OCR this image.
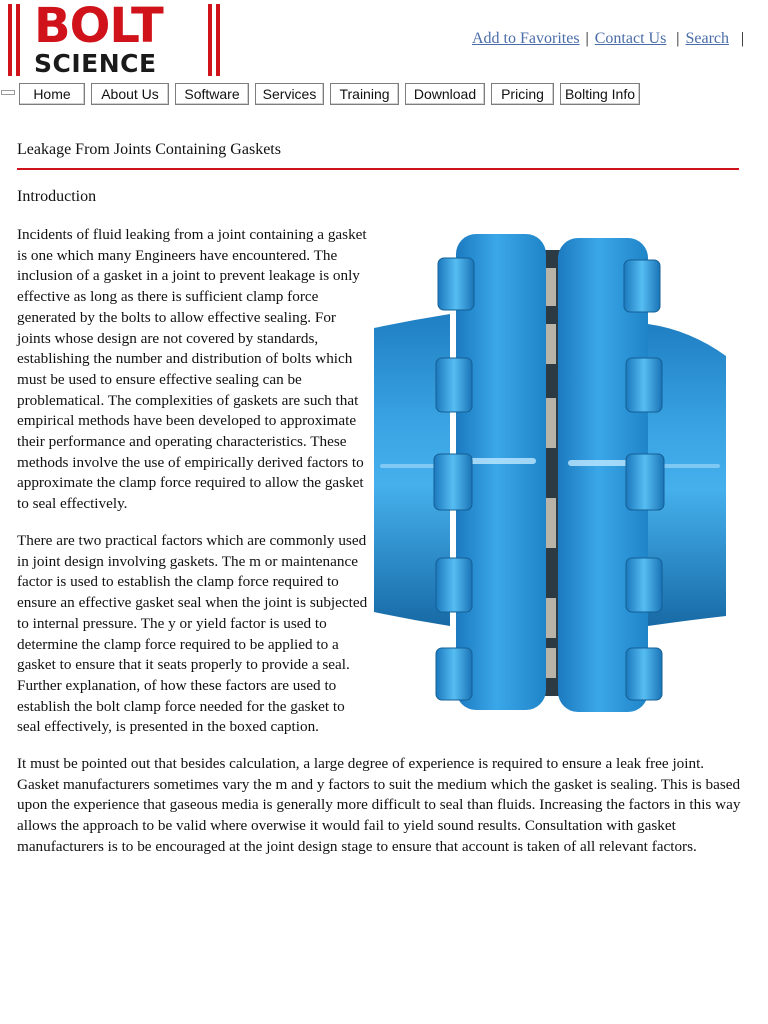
BOLT
SCIENCE
Add to Favorites | Contact Us | Search |
Home	About Us	Software	Services	Training	Download	Pricing	Bolting Info
Leakage From Joints Containing Gaskets
Introduction
Incidents of fluid leaking from a joint containing a gasket is one which many Engineers have encountered. The inclusion of a gasket in a joint to prevent leakage is only effective as long as there is sufficient clamp force generated by the bolts to allow effective sealing. For joints whose design are not covered by standards, establishing the number and distribution of bolts which must be used to ensure effective sealing can be problematical. The complexities of gaskets are such that empirical methods have been developed to approximate their performance and operating characteristics. These methods involve the use of empirically derived factors to approximate the clamp force required to allow the gasket to seal effectively.
There are two practical factors which are commonly used in joint design involving gaskets. The m or maintenance factor is used to establish the clamp force required to ensure an effective gasket seal when the joint is subjected to internal pressure. The y or yield factor is used to determine the clamp force required to be applied to a gasket to ensure that it seats properly to provide a seal. Further explanation, of how these factors are used to establish the bolt clamp force needed for the gasket to seal effectively, is presented in the boxed caption.
It must be pointed out that besides calculation, a large degree of experience is required to ensure a leak free joint. Gasket manufacturers sometimes vary the m and y factors to suit the medium which the gasket is sealing. This is based upon the experience that gaseous media is generally more difficult to seal than fluids. Increasing the factors in this way allows the approach to be valid where overwise it would fail to yield sound results. Consultation with gasket manufacturers is to be encouraged at the joint design stage to ensure that account is taken of all relevant factors.
